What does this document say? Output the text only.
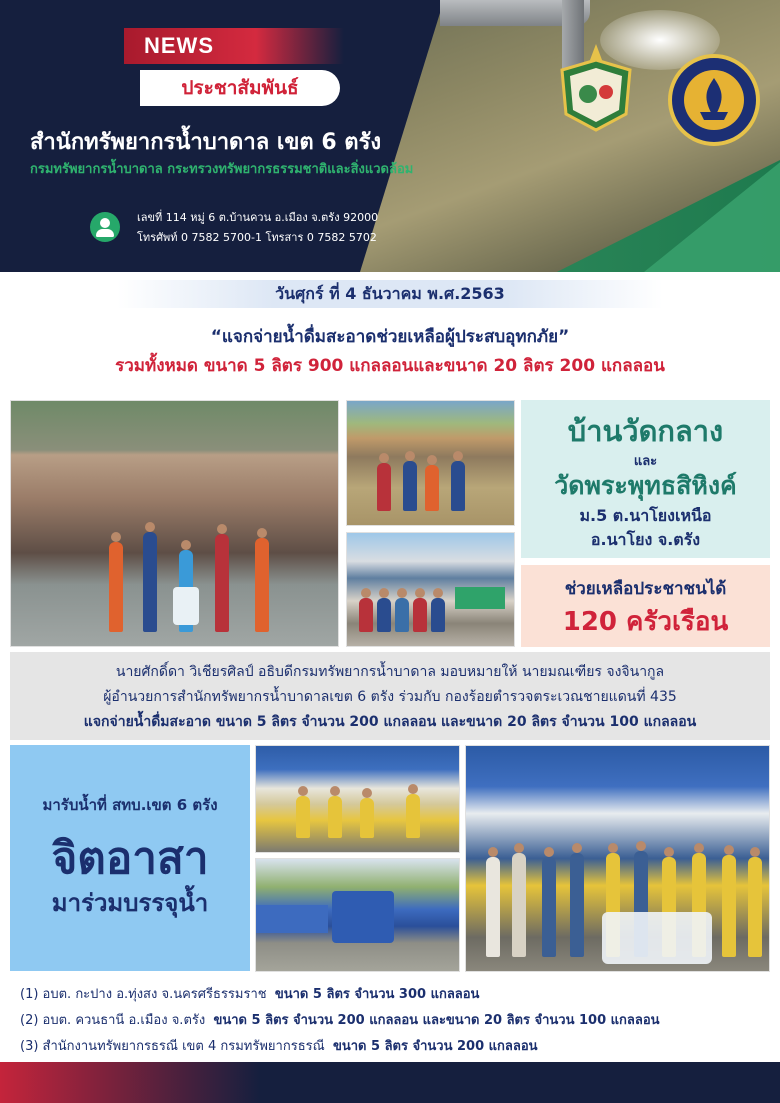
NEWS
ประชาสัมพันธ์
สำนักทรัพยากรน้ำบาดาล เขต 6 ตรัง
กรมทรัพยากรน้ำบาดาล กระทรวงทรัพยากรธรรมชาติและสิ่งแวดล้อม
เลขที่ 114 หมู่ 6 ต.บ้านควน อ.เมือง จ.ตรัง 92000
โทรศัพท์ 0 7582 5700-1 โทรสาร 0 7582 5702
วันศุกร์ ที่ 4 ธันวาคม พ.ศ.2563
“แจกจ่ายน้ำดื่มสะอาดช่วยเหลือผู้ประสบอุทกภัย”
รวมทั้งหมด ขนาด 5 ลิตร 900 แกลลอนและขนาด 20 ลิตร 200 แกลลอน
บ้านวัดกลาง
และ
วัดพระพุทธสิหิงค์
ม.5 ต.นาโยงเหนือ
อ.นาโยง จ.ตรัง
ช่วยเหลือประชาชนได้
120 ครัวเรือน
นายศักดิ์ดา วิเชียรศิลป์ อธิบดีกรมทรัพยากรน้ำบาดาล มอบหมายให้ นายมณเฑียร จงจินากูล
ผู้อำนวยการสำนักทรัพยากรน้ำบาดาลเขต 6 ตรัง ร่วมกับ กองร้อยตำรวจตระเวณชายแดนที่ 435
แจกจ่ายน้ำดื่มสะอาด ขนาด 5 ลิตร จำนวน 200 แกลลอน และขนาด 20 ลิตร จำนวน 100 แกลลอน
มารับน้ำที่ สทบ.เขต 6 ตรัง
จิตอาสา
มาร่วมบรรจุน้ำ
(1) อบต. กะปาง อ.ทุ่งสง จ.นครศรีธรรมราช ขนาด 5 ลิตร จำนวน 300 แกลลอน
(2) อบต. ควนธานี อ.เมือง จ.ตรัง ขนาด 5 ลิตร จำนวน 200 แกลลอน และขนาด 20 ลิตร จำนวน 100 แกลลอน
(3) สำนักงานทรัพยากรธรณี เขต 4 กรมทรัพยากรธรณี ขนาด 5 ลิตร จำนวน 200 แกลลอน
